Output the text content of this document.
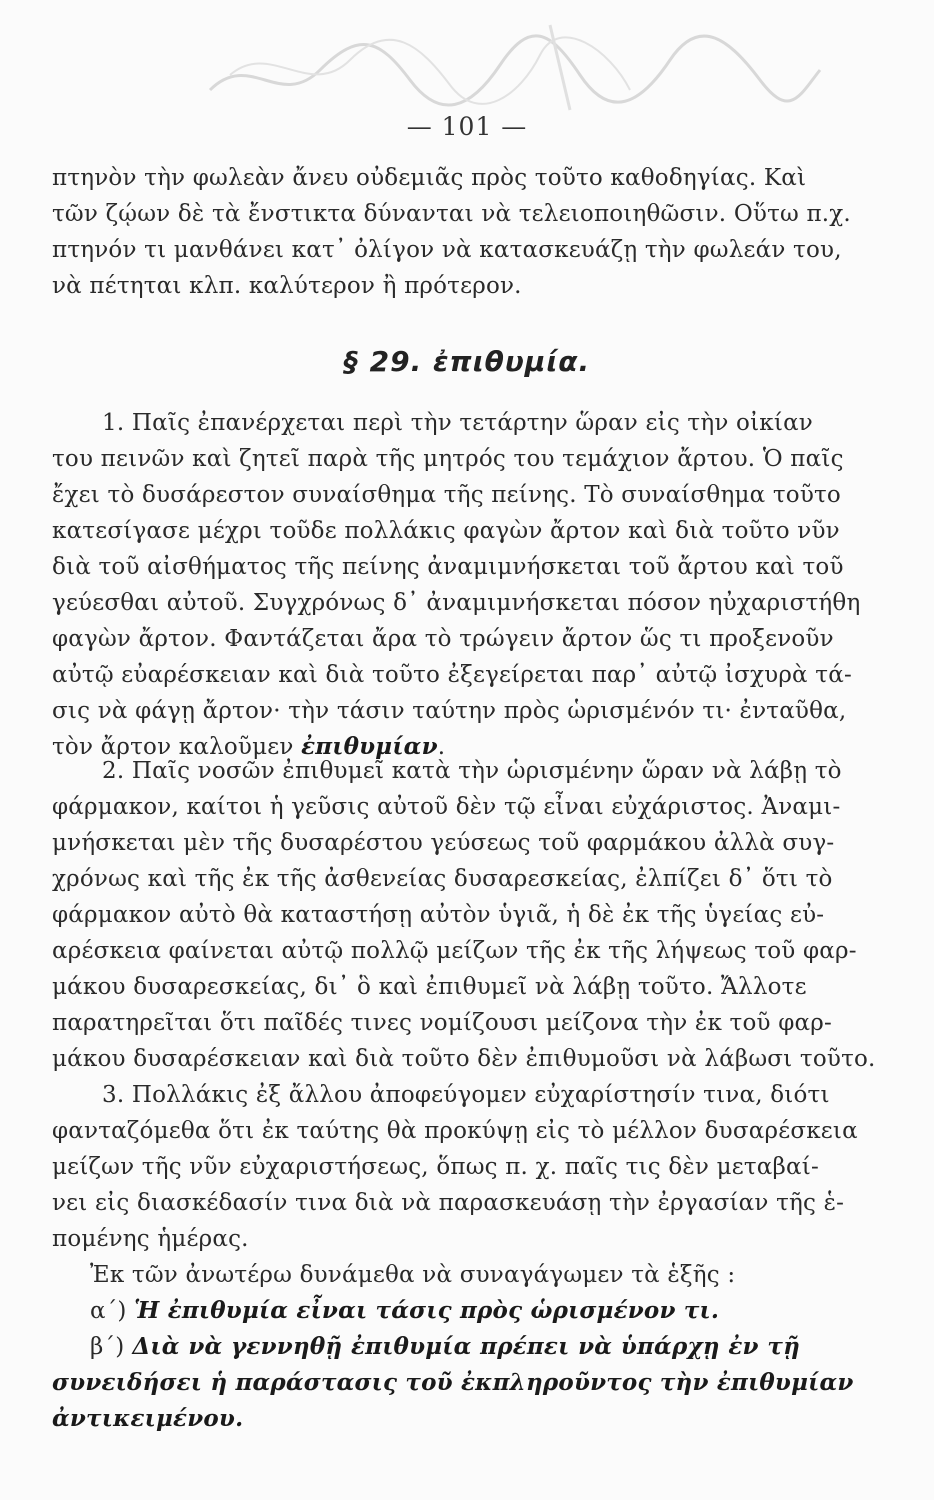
— 101 —
πτηνὸν τὴν φωλεὰν ἄνευ οὐδεμιᾶς πρὸς τοῦτο καθοδηγίας. Καὶ
τῶν ζῴων δὲ τὰ ἔνστικτα δύνανται νὰ τελειοποιηθῶσιν. Οὕτω π.χ.
πτηνόν τι μανθάνει κατ᾽ ὀλίγον νὰ κατασκευάζῃ τὴν φωλεάν του,
νὰ πέτηται κλπ. καλύτερον ἢ πρότερον.
§ 29. ἐπιθυμία.
1. Παῖς ἐπανέρχεται περὶ τὴν τετάρτην ὥραν εἰς τὴν οἰκίαν
του πεινῶν καὶ ζητεῖ παρὰ τῆς μητρός του τεμάχιον ἄρτου. Ὁ παῖς
ἔχει τὸ δυσάρεστον συναίσθημα τῆς πείνης. Τὸ συναίσθημα τοῦτο
κατεσίγασε μέχρι τοῦδε πολλάκις φαγὼν ἄρτον καὶ διὰ τοῦτο νῦν
διὰ τοῦ αἰσθήματος τῆς πείνης ἀναμιμνήσκεται τοῦ ἄρτου καὶ τοῦ
γεύεσθαι αὐτοῦ. Συγχρόνως δ᾽ ἀναμιμνήσκεται πόσον ηὐχαριστήθη
φαγὼν ἄρτον. Φαντάζεται ἄρα τὸ τρώγειν ἄρτον ὥς τι προξενοῦν
αὐτῷ εὐαρέσκειαν καὶ διὰ τοῦτο ἐξεγείρεται παρ᾽ αὐτῷ ἰσχυρὰ τά-
σις νὰ φάγῃ ἄρτον· τὴν τάσιν ταύτην πρὸς ὡρισμένόν τι· ἐνταῦθα,
τὸν ἄρτον καλοῦμεν ἐπιθυμίαν.
2. Παῖς νοσῶν ἐπιθυμεῖ κατὰ τὴν ὡρισμένην ὥραν νὰ λάβῃ τὸ
φάρμακον, καίτοι ἡ γεῦσις αὐτοῦ δὲν τῷ εἶναι εὐχάριστος. Ἀναμι-
μνήσκεται μὲν τῆς δυσαρέστου γεύσεως τοῦ φαρμάκου ἀλλὰ συγ-
χρόνως καὶ τῆς ἐκ τῆς ἀσθενείας δυσαρεσκείας, ἐλπίζει δ᾽ ὅτι τὸ
φάρμακον αὐτὸ θὰ καταστήσῃ αὐτὸν ὑγιᾶ, ἡ δὲ ἐκ τῆς ὑγείας εὐ-
αρέσκεια φαίνεται αὐτῷ πολλῷ μείζων τῆς ἐκ τῆς λήψεως τοῦ φαρ-
μάκου δυσαρεσκείας, δι᾽ ὃ καὶ ἐπιθυμεῖ νὰ λάβῃ τοῦτο. Ἄλλοτε
παρατηρεῖται ὅτι παῖδές τινες νομίζουσι μείζονα τὴν ἐκ τοῦ φαρ-
μάκου δυσαρέσκειαν καὶ διὰ τοῦτο δὲν ἐπιθυμοῦσι νὰ λάβωσι τοῦτο.
3. Πολλάκις ἐξ ἄλλου ἀποφεύγομεν εὐχαρίστησίν τινα, διότι
φανταζόμεθα ὅτι ἐκ ταύτης θὰ προκύψῃ εἰς τὸ μέλλον δυσαρέσκεια
μείζων τῆς νῦν εὐχαριστήσεως, ὅπως π. χ. παῖς τις δὲν μεταβαί-
νει εἰς διασκέδασίν τινα διὰ νὰ παρασκευάσῃ τὴν ἐργασίαν τῆς ἑ-
πομένης ἡμέρας.
Ἐκ τῶν ἀνωτέρω δυνάμεθα νὰ συναγάγωμεν τὰ ἑξῆς :
α΄) Ἡ ἐπιθυμία εἶναι τάσις πρὸς ὡρισμένον τι.
β΄) Διὰ νὰ γεννηθῇ ἐπιθυμία πρέπει νὰ ὑπάρχῃ ἐν τῇ
συνειδήσει ἡ παράστασις τοῦ ἐκπληροῦντος τὴν ἐπιθυμίαν
ἀντικειμένου.
